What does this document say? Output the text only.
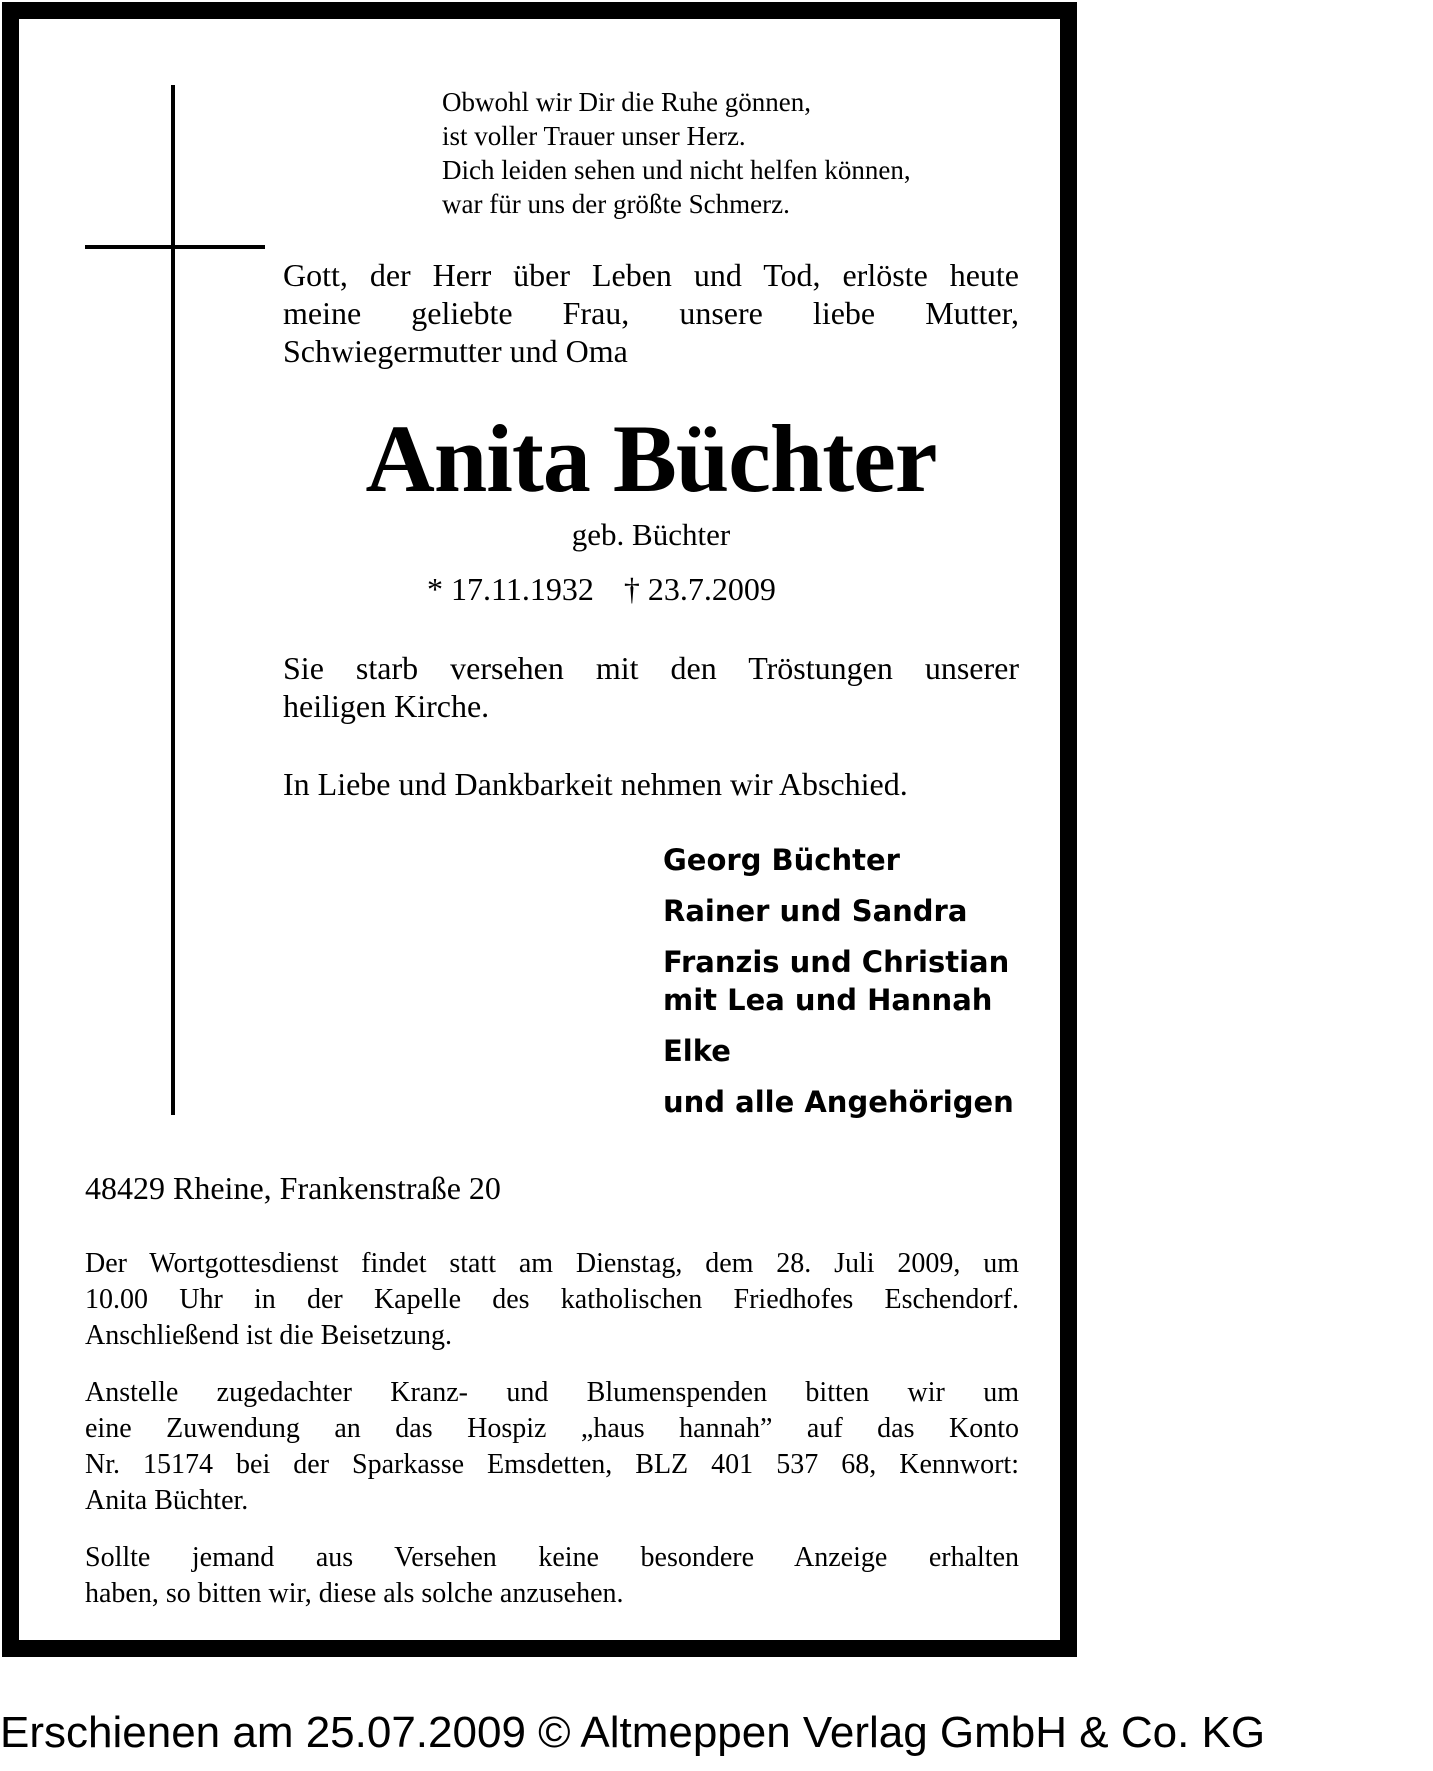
Obwohl wir Dir die Ruhe gönnen,
ist voller Trauer unser Herz.
Dich leiden sehen und nicht helfen können,
war für uns der größte Schmerz.
Gott, der Herr über Leben und Tod, erlöste heute
meine geliebte Frau, unsere liebe Mutter,
Schwiegermutter und Oma
Anita Büchter
geb. Büchter
* 17.11.1932 † 23.7.2009
Sie starb versehen mit den Tröstungen unserer
heiligen Kirche.
In Liebe und Dankbarkeit nehmen wir Abschied.
Georg Büchter
Rainer und Sandra
Franzis und Christian
mit Lea und Hannah
Elke
und alle Angehörigen
48429 Rheine, Frankenstraße 20
Der Wortgottesdienst findet statt am Dienstag, dem 28. Juli 2009, um
10.00 Uhr in der Kapelle des katholischen Friedhofes Eschendorf.
Anschließend ist die Beisetzung.
Anstelle zugedachter Kranz- und Blumenspenden bitten wir um
eine Zuwendung an das Hospiz „haus hannah” auf das Konto
Nr. 15174 bei der Sparkasse Emsdetten, BLZ 401 537 68, Kennwort:
Anita Büchter.
Sollte jemand aus Versehen keine besondere Anzeige erhalten
haben, so bitten wir, diese als solche anzusehen.
Erschienen am 25.07.2009 © Altmeppen Verlag GmbH & Co. KG
